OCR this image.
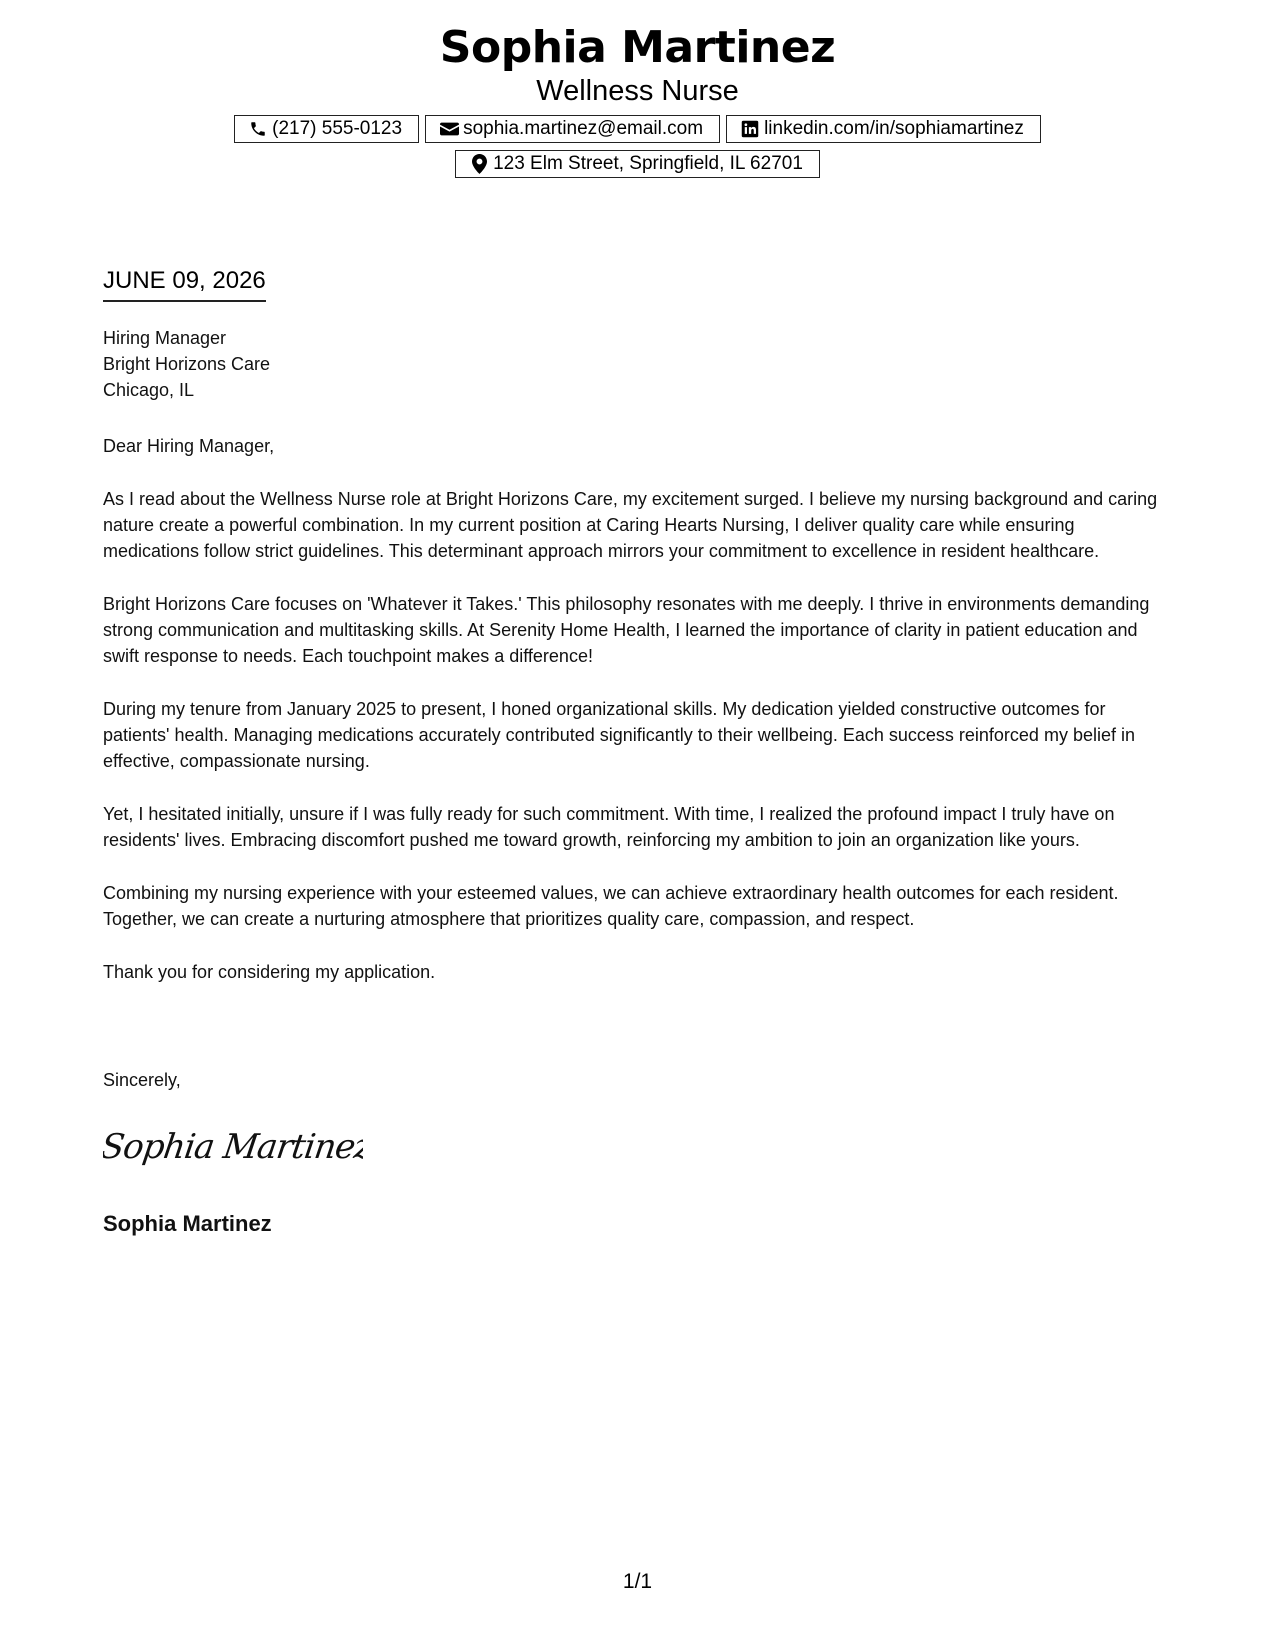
Sophia Martinez
Wellness Nurse
(217) 555-0123	sophia.martinez@email.com	linkedin.com/in/sophiamartinez
123 Elm Street, Springfield, IL 62701
JUNE 09, 2026
Hiring Manager
Bright Horizons Care
Chicago, IL

Dear Hiring Manager,

As I read about the Wellness Nurse role at Bright Horizons Care, my excitement surged. I believe my nursing background and caring nature create a powerful combination. In my current position at Caring Hearts Nursing, I deliver quality care while ensuring medications follow strict guidelines. This determinant approach mirrors your commitment to excellence in resident healthcare.

Bright Horizons Care focuses on 'Whatever it Takes.' This philosophy resonates with me deeply. I thrive in environments demanding strong communication and multitasking skills. At Serenity Home Health, I learned the importance of clarity in patient education and swift response to needs. Each touchpoint makes a difference!

During my tenure from January 2025 to present, I honed organizational skills. My dedication yielded constructive outcomes for patients' health. Managing medications accurately contributed significantly to their wellbeing. Each success reinforced my belief in effective, compassionate nursing.

Yet, I hesitated initially, unsure if I was fully ready for such commitment. With time, I realized the profound impact I truly have on residents' lives. Embracing discomfort pushed me toward growth, reinforcing my ambition to join an organization like yours.

Combining my nursing experience with your esteemed values, we can achieve extraordinary health outcomes for each resident. Together, we can create a nurturing atmosphere that prioritizes quality care, compassion, and respect.

Thank you for considering my application.

Sincerely,
Sophia Martinez
Sophia Martinez
1/1
